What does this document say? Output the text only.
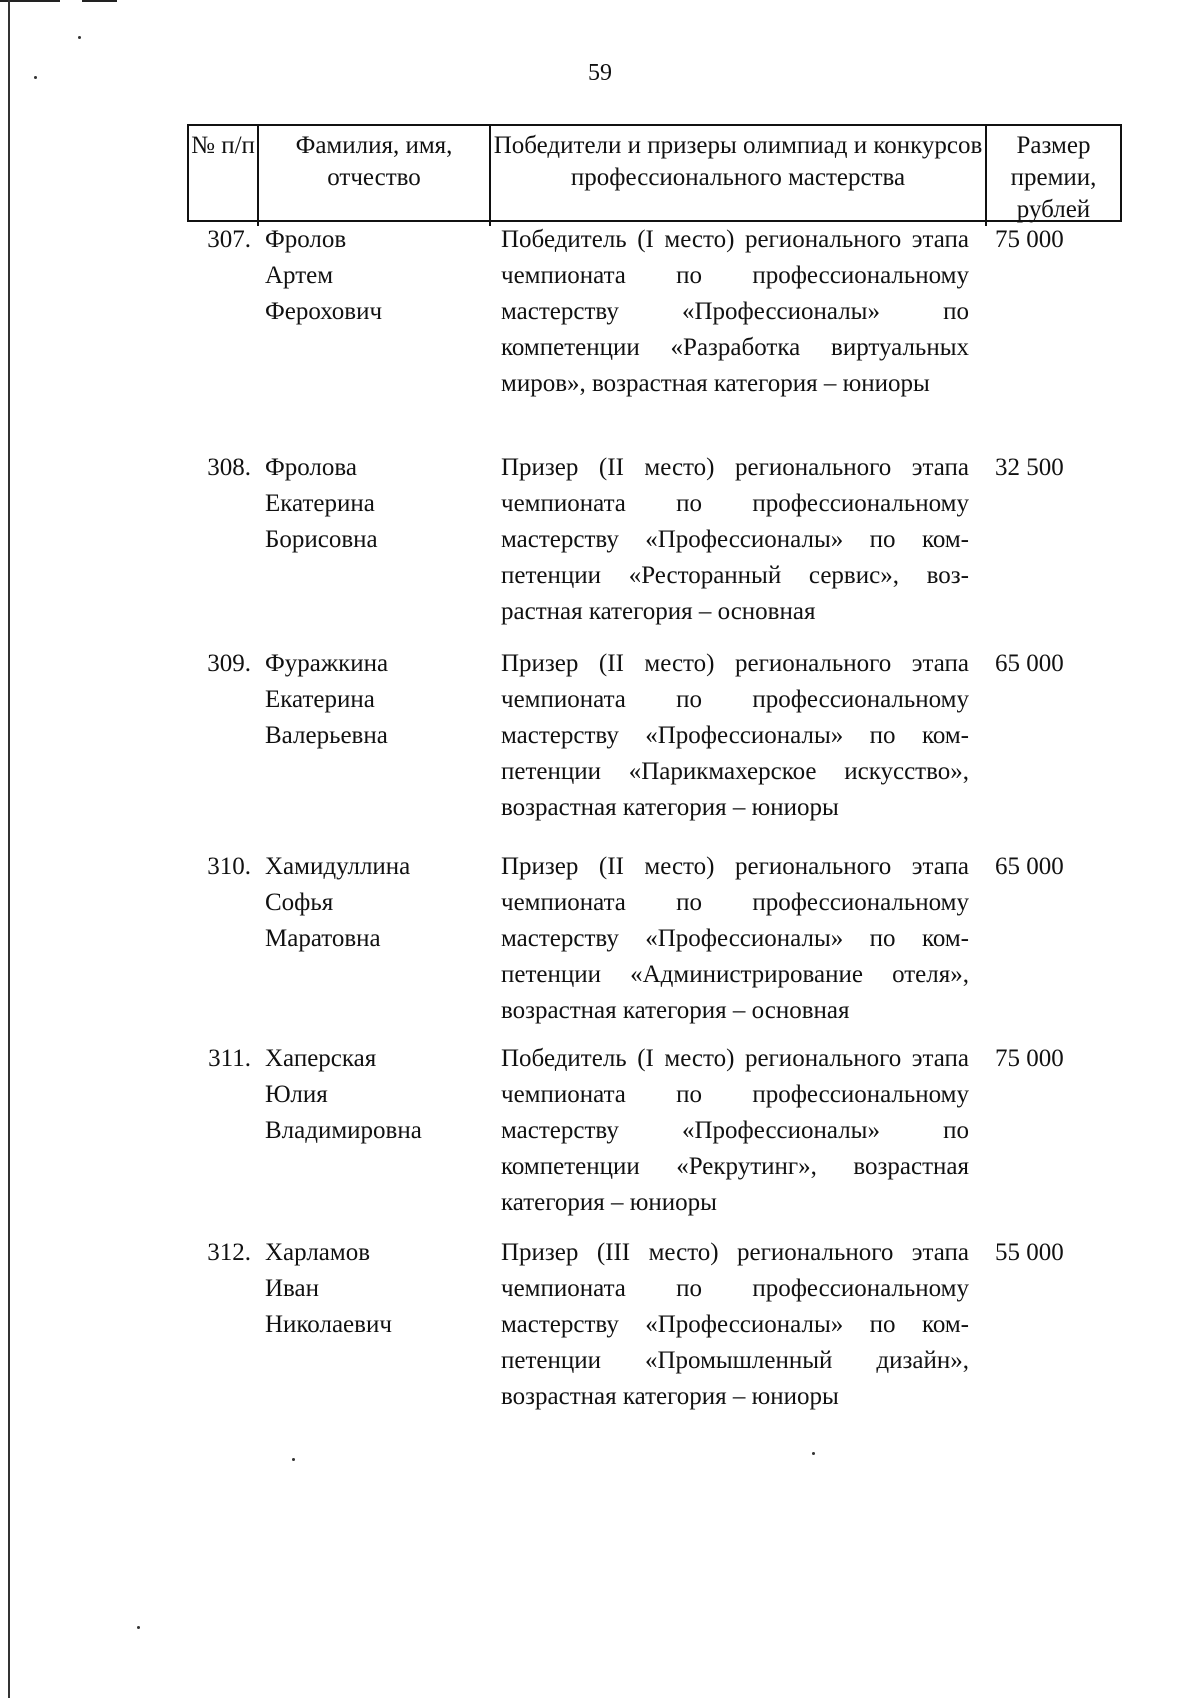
59
№ п/п	Фамилия, имя, отчество
Победители и призеры олимпиад и конкурсов профессионального мастерства
Размер премии, рублей
307. Фролов
Артем
Ферохович
Победитель (I место) регионального этапа чемпионата по профессиональному мастерству «Профессионалы» по компетенции «Разработка виртуальных миров», возрастная категория – юниоры
75 000
308. Фролова
Екатерина
Борисовна
Призер (II место) регионального этапа чемпионата по профессиональному мастерству «Профессионалы» по компетенции «Ресторанный сервис», возрастная категория – основная
32 500
309. Фуражкина
Екатерина
Валерьевна
Призер (II место) регионального этапа чемпионата по профессиональному мастерству «Профессионалы» по компетенции «Парикмахерское искусство», возрастная категория – юниоры
65 000
310. Хамидуллина
Софья
Маратовна
Призер (II место) регионального этапа чемпионата по профессиональному мастерству «Профессионалы» по компетенции «Администрирование отеля», возрастная категория – основная
65 000
311. Хаперская
Юлия
Владимировна
Победитель (I место) регионального этапа чемпионата по профессиональному мастерству «Профессионалы» по компетенции «Рекрутинг», возрастная категория – юниоры
75 000
312. Харламов
Иван
Николаевич
Призер (III место) регионального этапа чемпионата по профессиональному мастерству «Профессионалы» по компетенции «Промышленный дизайн», возрастная категория – юниоры
55 000
